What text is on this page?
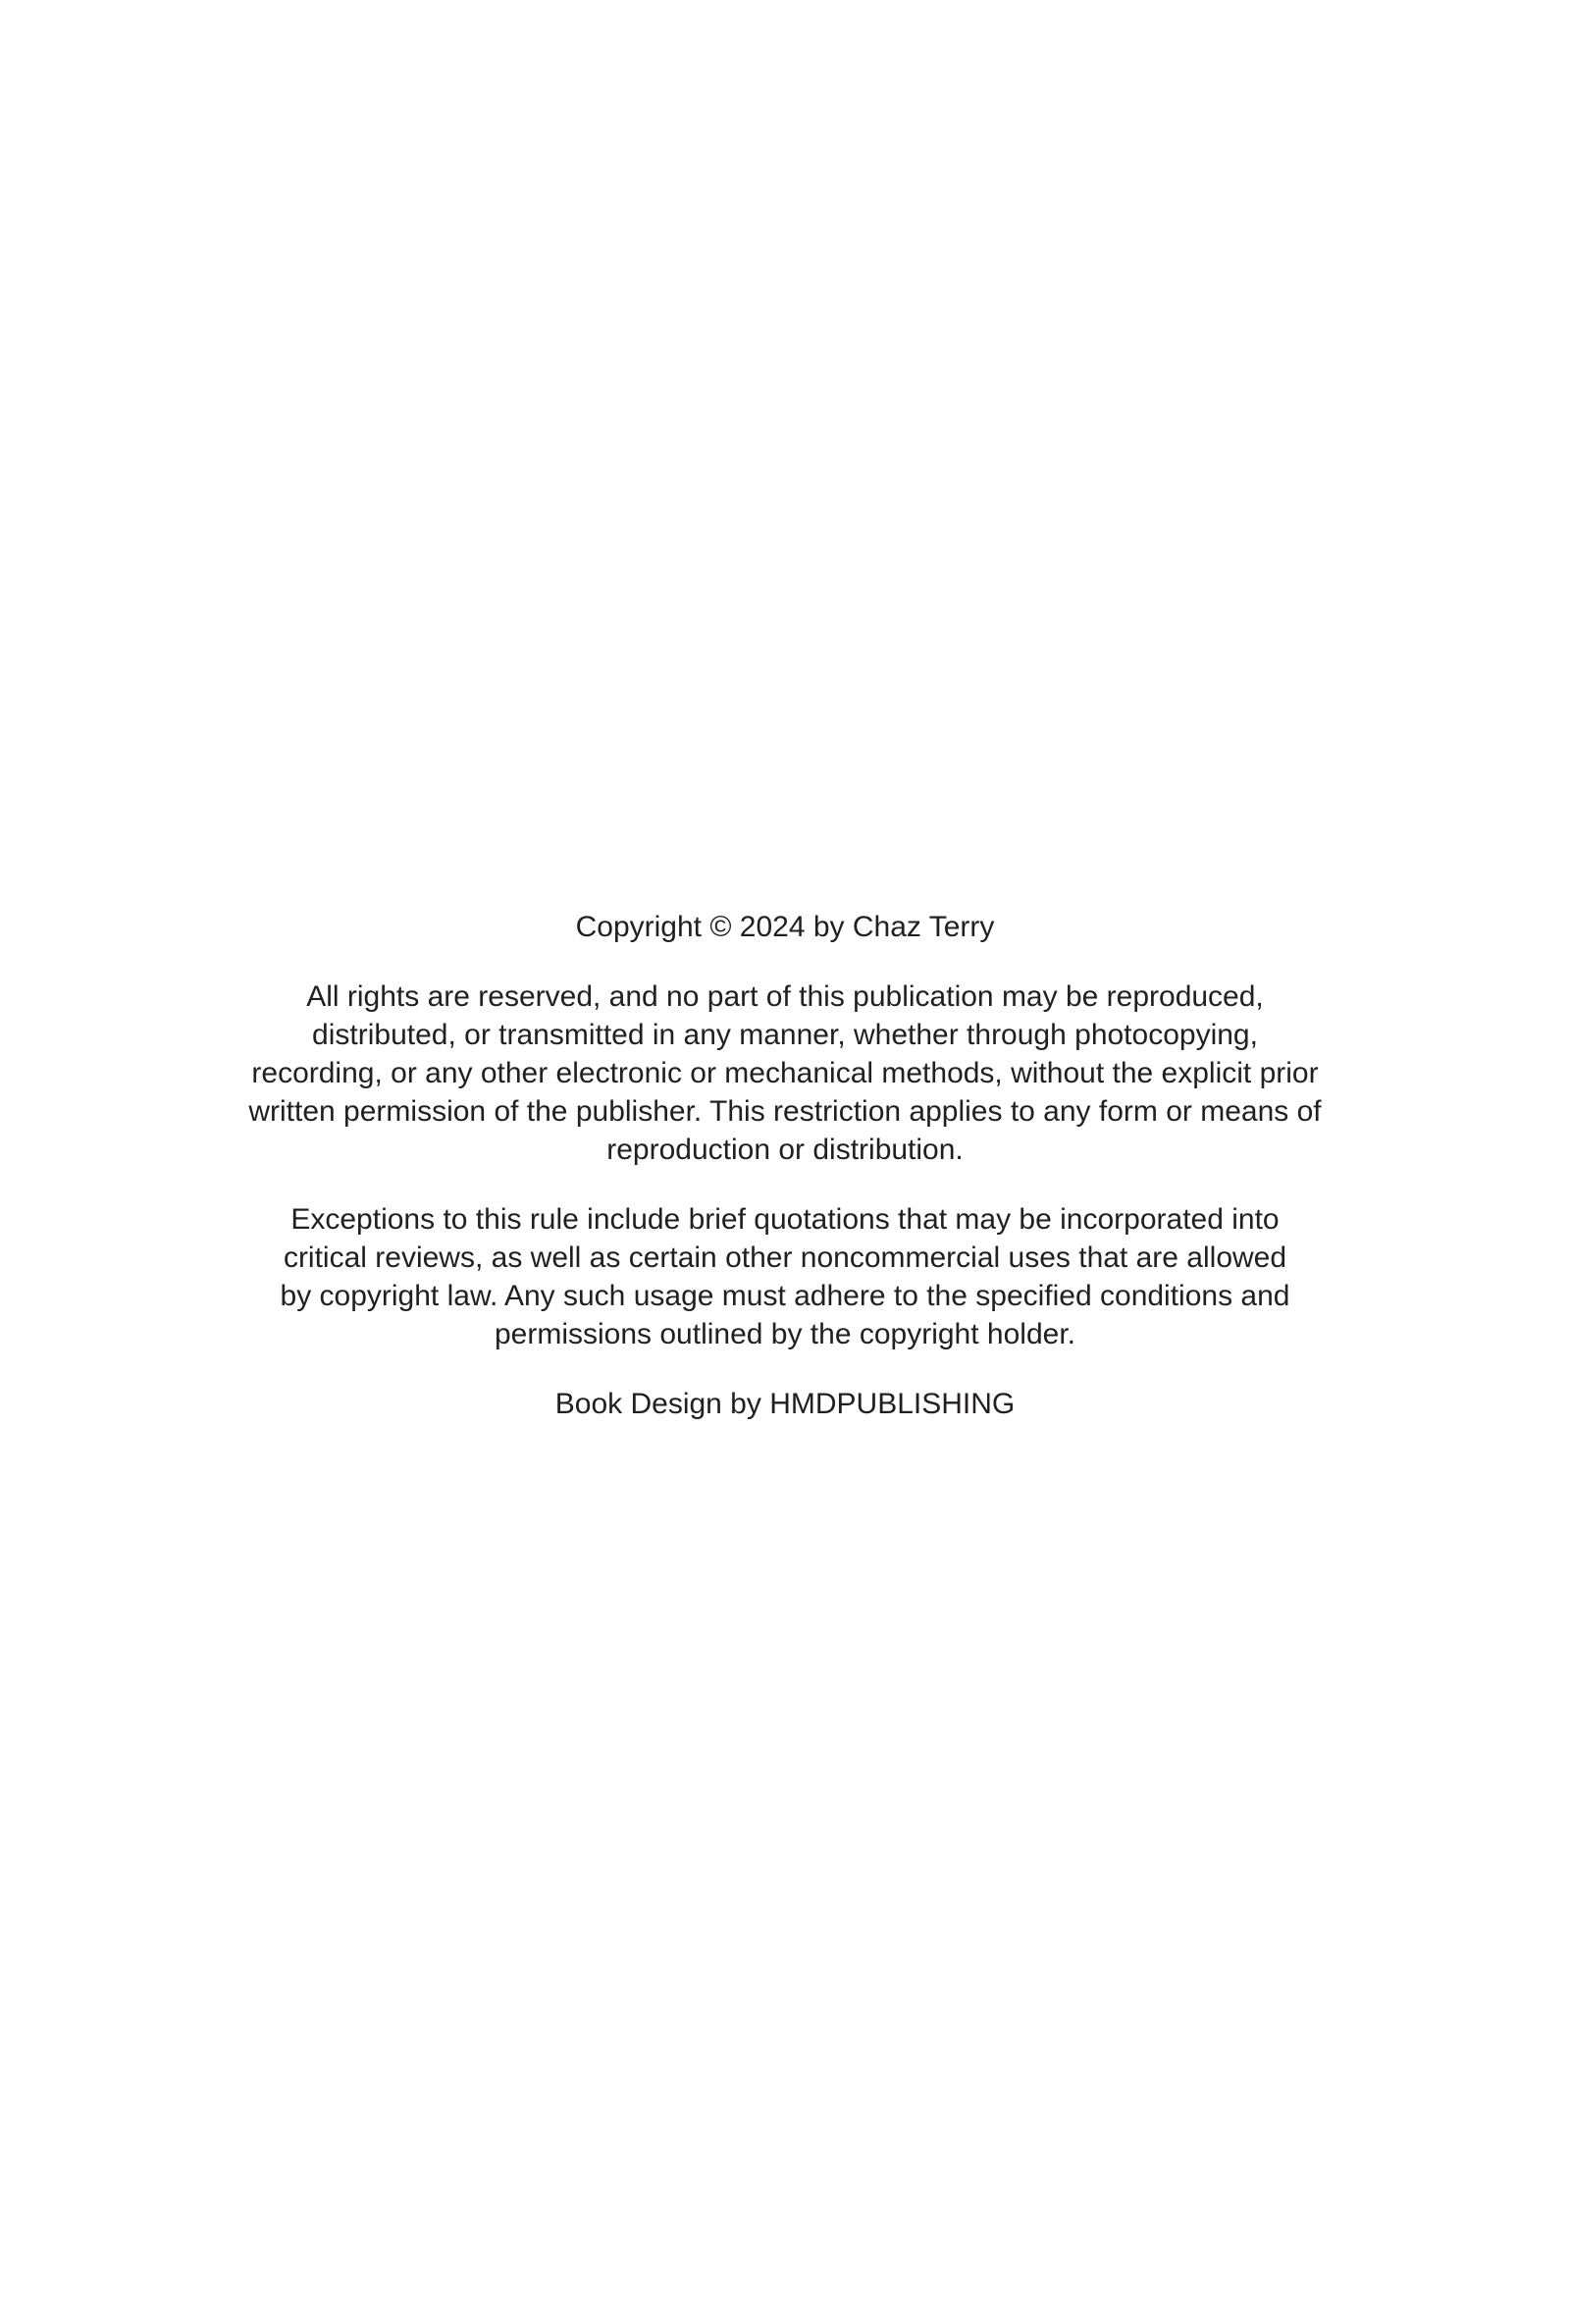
Copyright © 2024 by Chaz Terry

All rights are reserved, and no part of this publication may be reproduced,
distributed, or transmitted in any manner, whether through photocopying,
recording, or any other electronic or mechanical methods, without the explicit prior
written permission of the publisher. This restriction applies to any form or means of
reproduction or distribution.

Exceptions to this rule include brief quotations that may be incorporated into
critical reviews, as well as certain other noncommercial uses that are allowed
by copyright law. Any such usage must adhere to the specified conditions and
permissions outlined by the copyright holder.

Book Design by HMDPUBLISHING
